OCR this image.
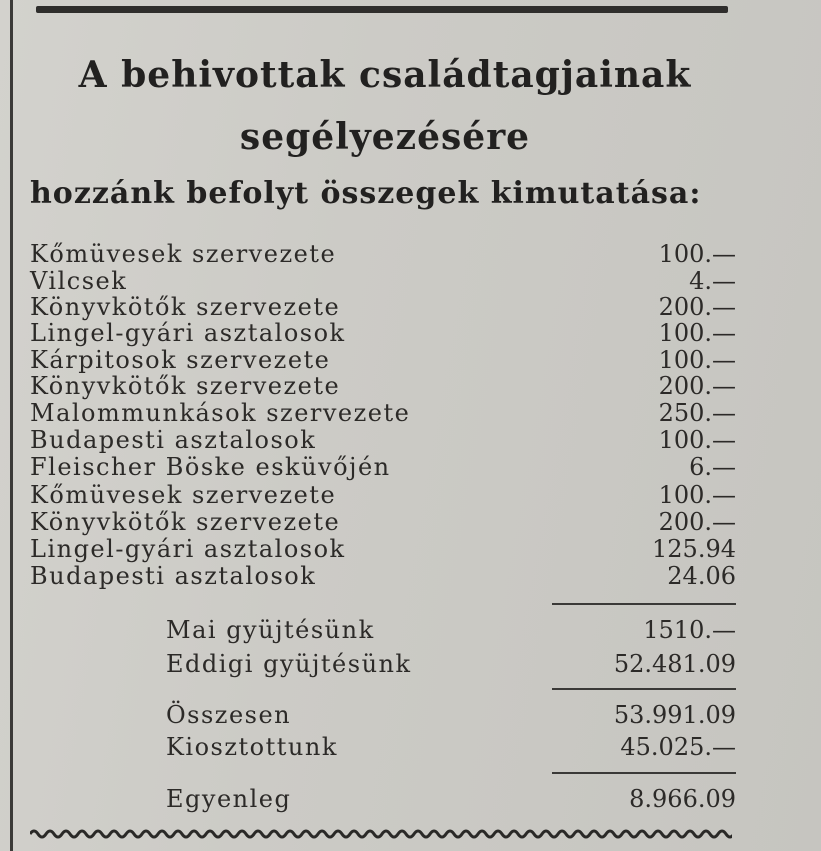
A behivottak családtagjainak
segélyezésére
hozzánk befolyt összegek kimutatása:
Kőmüvesek szervezete	100.—
Vilcsek	4.—
Könyvkötők szervezete	200.—
Lingel-gyári asztalosok	100.—
Kárpitosok szervezete	100.—
Könyvkötők szervezete	200.—
Malommunkások szervezete	250.—
Budapesti asztalosok	100.—
Fleischer Böske esküvőjén	6.—
Kőmüvesek szervezete	100.—
Könyvkötők szervezete	200.—
Lingel-gyári asztalosok	125.94
Budapesti asztalosok	24.06
Mai gyüjtésünk	1510.—
Eddigi gyüjtésünk	52.481.09
Összesen	53.991.09
Kiosztottunk	45.025.—
Egyenleg	8.966.09
